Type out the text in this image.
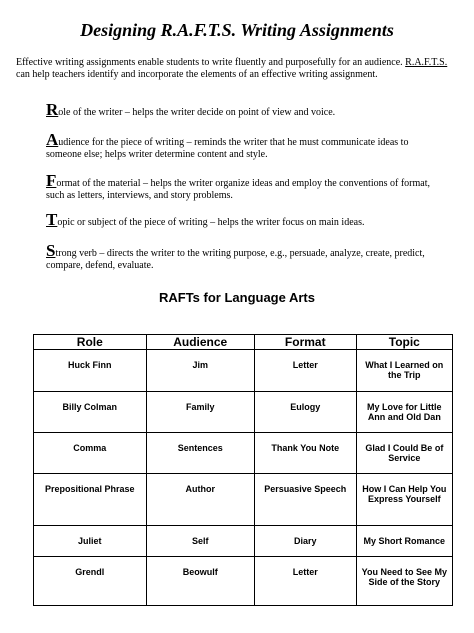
Designing R.A.F.T.S. Writing Assignments
Effective writing assignments enable students to write fluently and purposefully for an audience. R.A.F.T.S. can help teachers identify and incorporate the elements of an effective writing assignment.
Role of the writer – helps the writer decide on point of view and voice.
Audience for the piece of writing – reminds the writer that he must communicate ideas to someone else; helps writer determine content and style.
Format of the material – helps the writer organize ideas and employ the conventions of format, such as letters, interviews, and story problems.
Topic or subject of the piece of writing – helps the writer focus on main ideas.
Strong verb – directs the writer to the writing purpose, e.g., persuade, analyze, create, predict, compare, defend, evaluate.
RAFTs for Language Arts
Role	Audience	Format	Topic
Huck Finn	Jim	Letter	What I Learned on the Trip
Billy Colman	Family	Eulogy	My Love for Little Ann and Old Dan
Comma	Sentences	Thank You Note	Glad I Could Be of Service
Prepositional Phrase	Author	Persuasive Speech	How I Can Help You Express Yourself
Juliet	Self	Diary	My Short Romance
Grendl	Beowulf	Letter	You Need to See My Side of the Story
